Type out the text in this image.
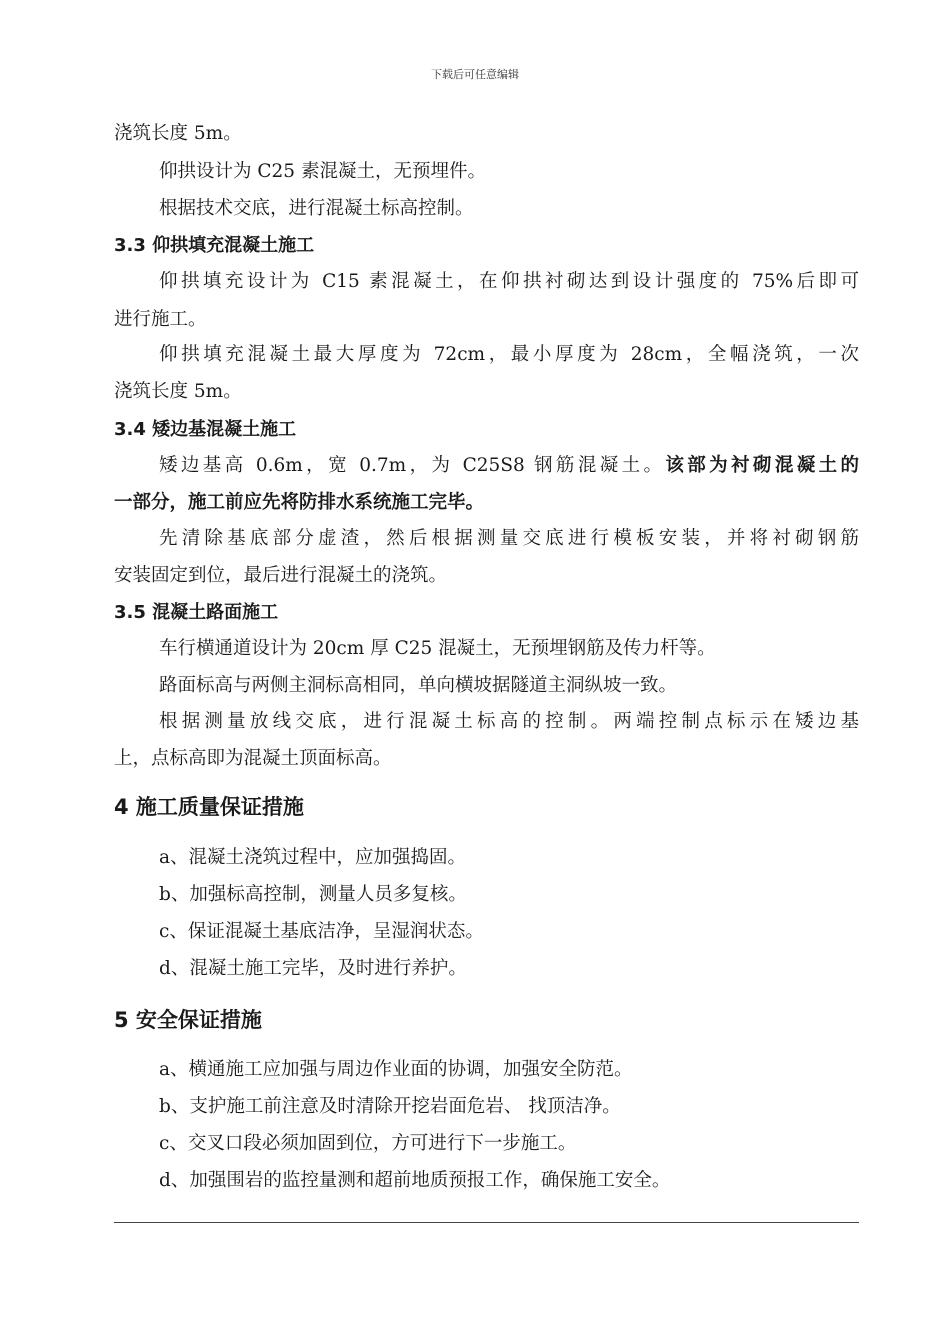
下载后可任意编辑
浇筑长度 5m。
仰拱设计为 C25 素混凝土，无预埋件。
根据技术交底，进行混凝土标高控制。
3.3 仰拱填充混凝土施工
仰拱填充设计为 C15 素混凝土，在仰拱衬砌达到设计强度的 75%后即可
进行施工。
仰拱填充混凝土最大厚度为 72cm，最小厚度为 28cm，全幅浇筑，一次
浇筑长度 5m。
3.4 矮边基混凝土施工
矮边基高 0.6m，宽 0.7m，为 C25S8 钢筋混凝土。该部为衬砌混凝土的
一部分，施工前应先将防排水系统施工完毕。
先清除基底部分虚渣，然后根据测量交底进行模板安装，并将衬砌钢筋
安装固定到位，最后进行混凝土的浇筑。
3.5 混凝土路面施工
车行横通道设计为 20cm 厚 C25 混凝土，无预埋钢筋及传力杆等。
路面标高与两侧主洞标高相同，单向横坡据隧道主洞纵坡一致。
根据测量放线交底，进行混凝土标高的控制。两端控制点标示在矮边基
上，点标高即为混凝土顶面标高。
4 施工质量保证措施
a、混凝土浇筑过程中，应加强捣固。
b、加强标高控制，测量人员多复核。
c、保证混凝土基底洁净，呈湿润状态。
d、混凝土施工完毕，及时进行养护。
5 安全保证措施
a、横通施工应加强与周边作业面的协调，加强安全防范。
b、支护施工前注意及时清除开挖岩面危岩、 找顶洁净。
c、交叉口段必须加固到位，方可进行下一步施工。
d、加强围岩的监控量测和超前地质预报工作，确保施工安全。
